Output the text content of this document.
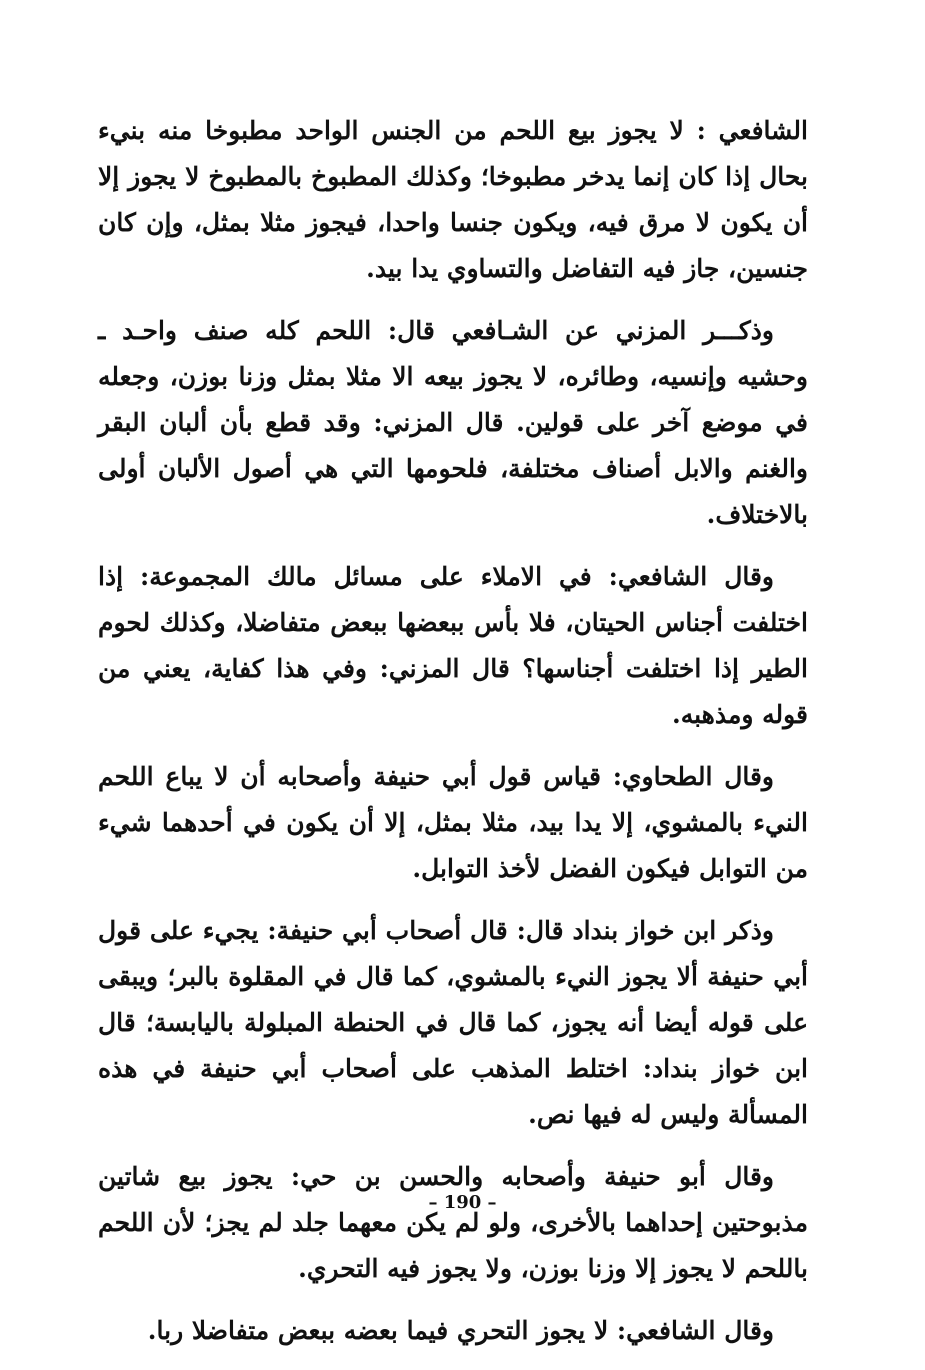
الشافعي : لا يجوز بيع اللحم من الجنس الواحد مطبوخا منه بنيء بحال إذا كان إنما يدخر مطبوخا؛ وكذلك المطبوخ بالمطبوخ لا يجوز إلا أن يكون لا مرق فيه، ويكون جنسا واحدا، فيجوز مثلا بمثل، وإن كان جنسين، جاز فيه التفاضل والتساوي يدا بيد.

وذكـــر المزني عن الشـافعي قال: اللحم كله صنف واحـد ـ وحشيه وإنسيه، وطائره، لا يجوز بيعه الا مثلا بمثل وزنا بوزن، وجعله في موضع آخر على قولين. قال المزني: وقد قطع بأن ألبان البقر والغنم والابل أصناف مختلفة، فلحومها التي هي أصول الألبان أولى بالاختلاف.

وقال الشافعي: في الاملاء على مسائل مالك المجموعة: إذا اختلفت أجناس الحيتان، فلا بأس ببعضها ببعض متفاضلا، وكذلك لحوم الطير إذا اختلفت أجناسها؟ قال المزني: وفي هذا كفاية، يعني من قوله ومذهبه.

وقال الطحاوي: قياس قول أبي حنيفة وأصحابه أن لا يباع اللحم النيء بالمشوي، إلا يدا بيد، مثلا بمثل، إلا أن يكون في أحدهما شيء من التوابل فيكون الفضل لأخذ التوابل.

وذكر ابن خواز بنداد قال: قال أصحاب أبي حنيفة: يجيء على قول أبي حنيفة ألا يجوز النيء بالمشوي، كما قال في المقلوة بالبر؛ ويبقى على قوله أيضا أنه يجوز، كما قال في الحنطة المبلولة باليابسة؛ قال ابن خواز بنداد: اختلط المذهب على أصحاب أبي حنيفة في هذه المسألة وليس له فيها نص.

وقال أبو حنيفة وأصحابه والحسن بن حي: يجوز بيع شاتين مذبوحتين إحداهما بالأخرى، ولو لم يكن معهما جلد لم يجز؛ لأن اللحم باللحم لا يجوز إلا وزنا بوزن، ولا يجوز فيه التحري.

وقال الشافعي: لا يجوز التحري فيما بعضه ببعض متفاضلا ربا.

– 190 –
